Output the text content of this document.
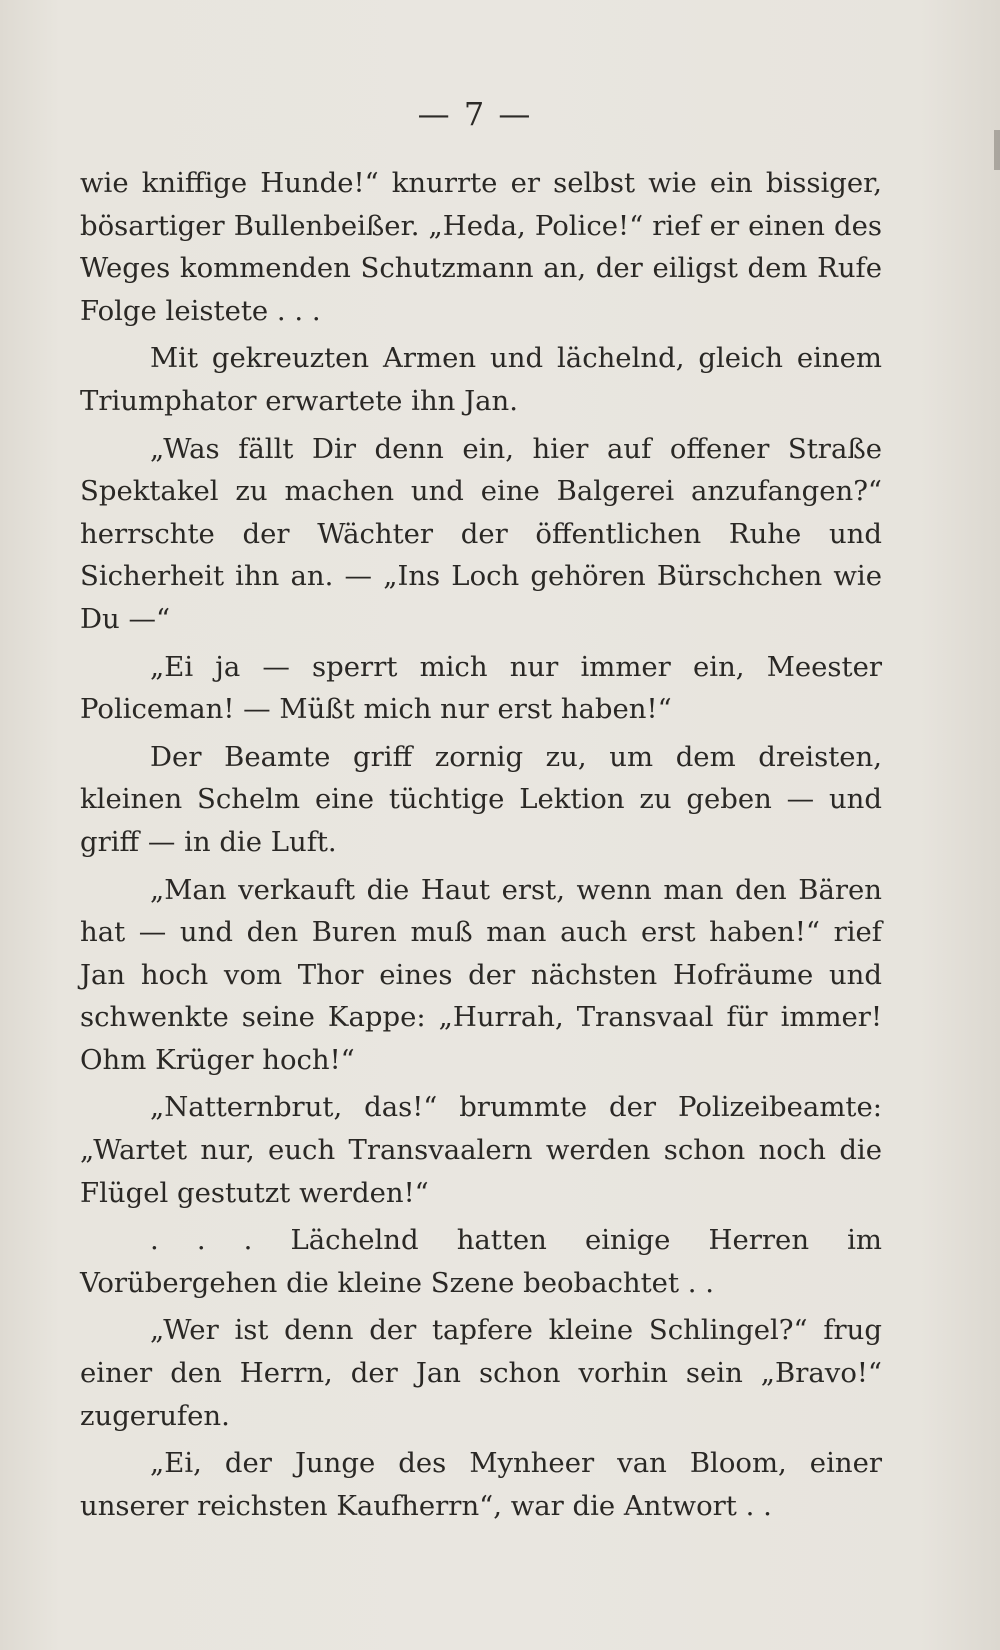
— 7 —

wie kniffige Hunde!“ knurrte er selbst wie ein bissiger, bösartiger Bullenbeißer. „Heda, Police!“ rief er einen des Weges kommenden Schutzmann an, der eiligst dem Rufe Folge leistete . . .

Mit gekreuzten Armen und lächelnd, gleich einem Triumphator erwartete ihn Jan.

„Was fällt Dir denn ein, hier auf offener Straße Spektakel zu machen und eine Balgerei anzufangen?“ herrschte der Wächter der öffentlichen Ruhe und Sicherheit ihn an. — „Ins Loch gehören Bürschchen wie Du —“

„Ei ja — sperrt mich nur immer ein, Meester Policeman! — Müßt mich nur erst haben!“

Der Beamte griff zornig zu, um dem dreisten, kleinen Schelm eine tüchtige Lektion zu geben — und griff — in die Luft.

„Man verkauft die Haut erst, wenn man den Bären hat — und den Buren muß man auch erst haben!“ rief Jan hoch vom Thor eines der nächsten Hofräume und schwenkte seine Kappe: „Hurrah, Transvaal für immer! Ohm Krüger hoch!“

„Natternbrut, das!“ brummte der Polizeibeamte: „Wartet nur, euch Transvaalern werden schon noch die Flügel gestutzt werden!“

. . . Lächelnd hatten einige Herren im Vorübergehen die kleine Szene beobachtet . .

„Wer ist denn der tapfere kleine Schlingel?“ frug einer den Herrn, der Jan schon vorhin sein „Bravo!“ zugerufen.

„Ei, der Junge des Mynheer van Bloom, einer unserer reichsten Kaufherrn“, war die Antwort . .
